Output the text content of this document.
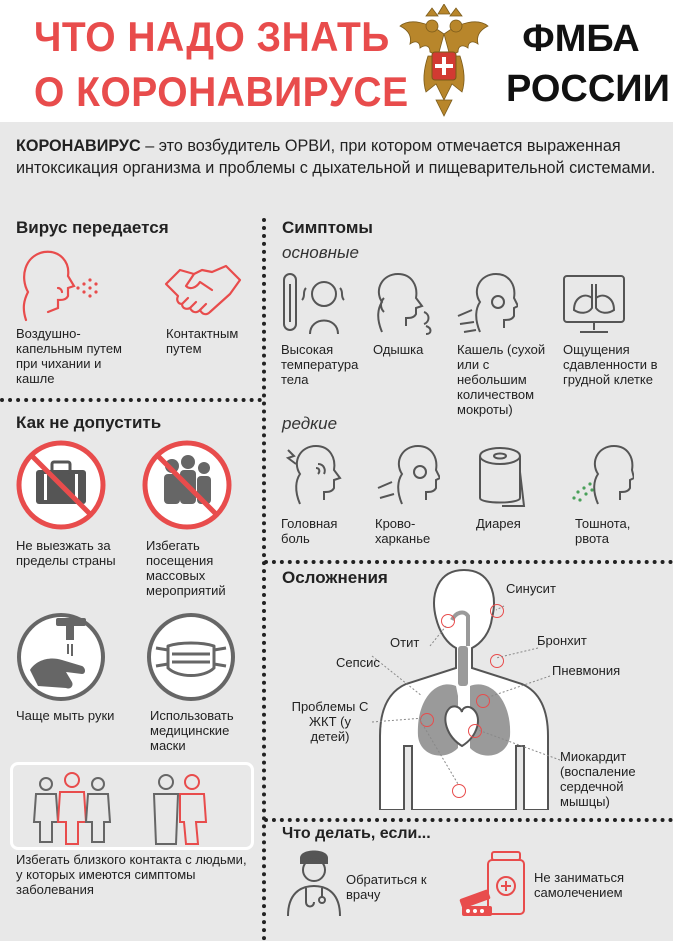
ЧТО НАДО ЗНАТЬ
О КОРОНАВИРУСЕ
ФМБА
РОССИИ
КОРОНАВИРУС – это возбудитель ОРВИ, при котором отмечается выраженная интоксикация организма и проблемы с дыхательной и пищеварительной системами.
Вирус передается
Воздушно-капельным путем при чихании и кашле
Контактным путем
Как не допустить
Не выезжать за пределы страны
Избегать посещения массовых мероприятий
Чаще мыть руки	Использовать медицинские маски
Избегать близкого контакта с людьми, у которых имеются симптомы заболевания
Симптомы
основные
Высокая температура тела
Одышка	Кашель (сухой или с небольшим количеством мокроты)
Ощущения сдавленности в грудной клетке
редкие
Головная боль
Крово-харканье
Диарея	Тошнота, рвота
Осложнения
Синусит
Отит	Бронхит
Сепсис
Пневмония
Проблемы С ЖКТ (у детей)
Миокардит (воспаление сердечной мышцы)
Что делать, если...
Обратиться к врачу
Не заниматься самолечением
